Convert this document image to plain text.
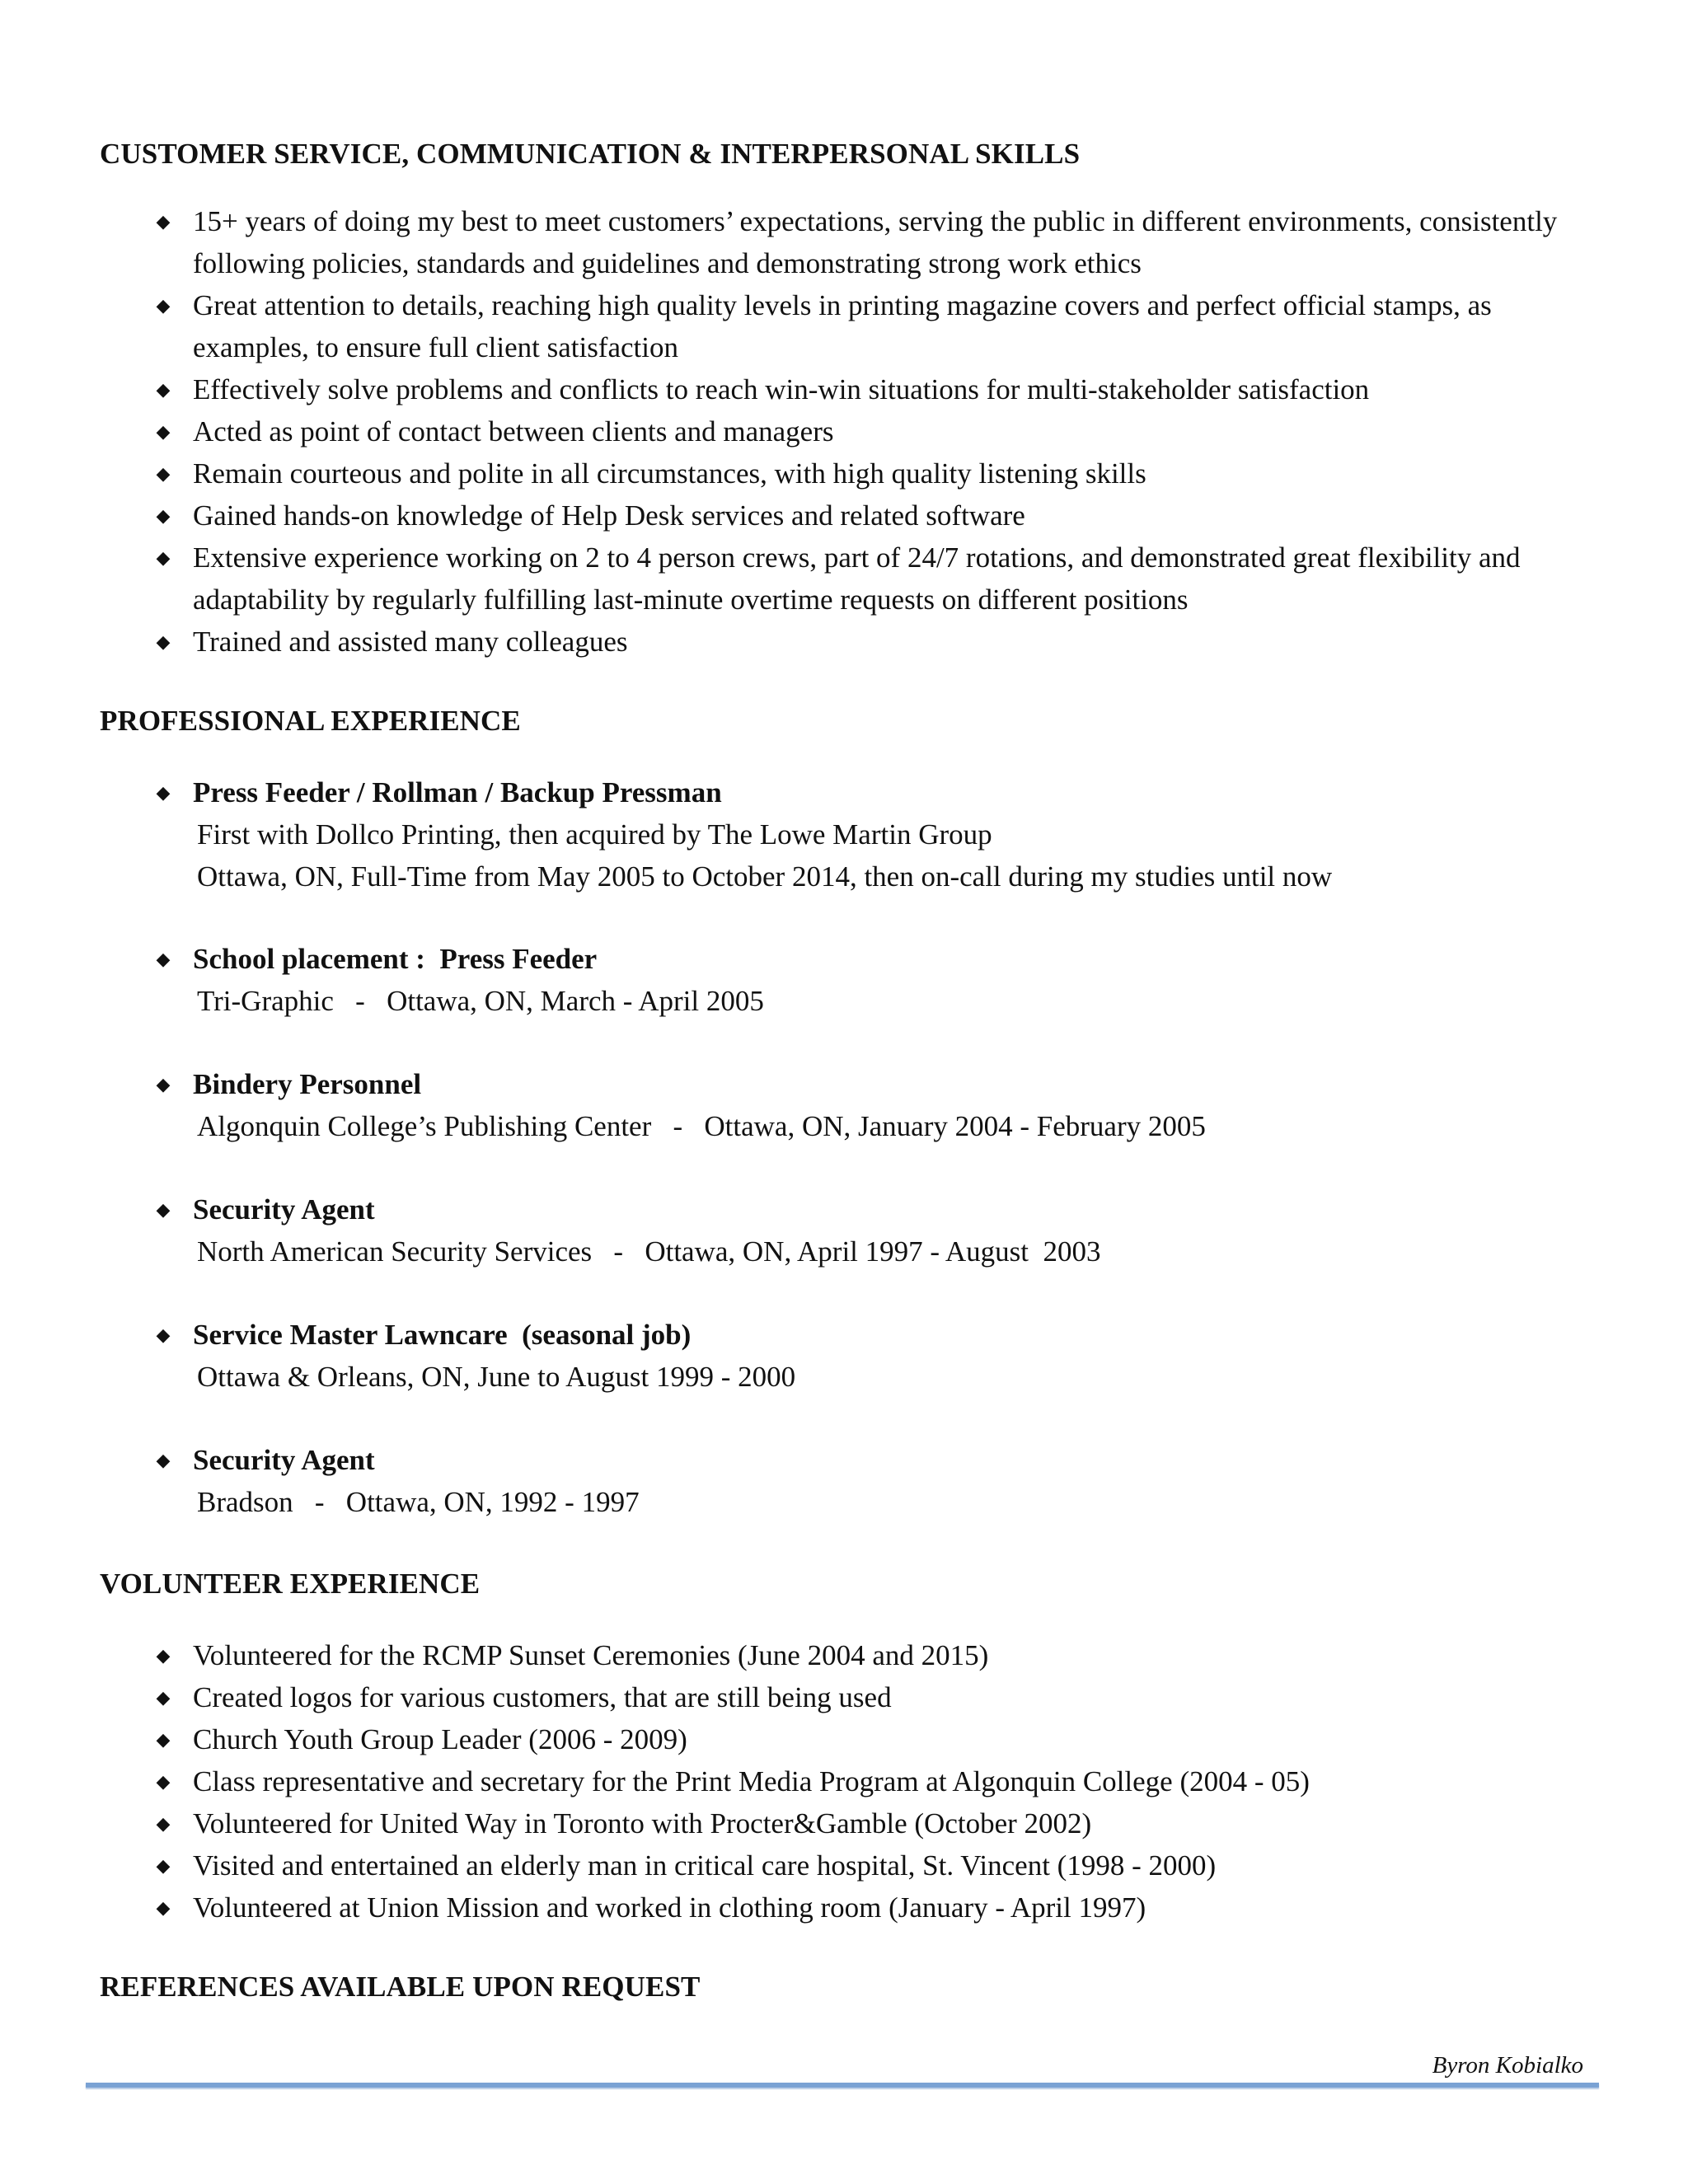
CUSTOMER SERVICE, COMMUNICATION & INTERPERSONAL SKILLS
◆ 15+ years of doing my best to meet customers’ expectations, serving the public in different environments, consistently following policies, standards and guidelines and demonstrating strong work ethics
◆ Great attention to details, reaching high quality levels in printing magazine covers and perfect official stamps, as examples, to ensure full client satisfaction
◆ Effectively solve problems and conflicts to reach win-win situations for multi-stakeholder satisfaction
◆ Acted as point of contact between clients and managers
◆ Remain courteous and polite in all circumstances, with high quality listening skills
◆ Gained hands-on knowledge of Help Desk services and related software
◆ Extensive experience working on 2 to 4 person crews, part of 24/7 rotations, and demonstrated great flexibility and adaptability by regularly fulfilling last-minute overtime requests on different positions
◆ Trained and assisted many colleagues
PROFESSIONAL EXPERIENCE
◆ Press Feeder / Rollman / Backup Pressman
First with Dollco Printing, then acquired by The Lowe Martin Group
Ottawa, ON, Full-Time from May 2005 to October 2014, then on-call during my studies until now
◆ School placement :  Press Feeder
Tri-Graphic   -   Ottawa, ON, March - April 2005
◆ Bindery Personnel
Algonquin College’s Publishing Center   -   Ottawa, ON, January 2004 - February 2005
◆ Security Agent
North American Security Services   -   Ottawa, ON, April 1997 - August  2003
◆ Service Master Lawncare  (seasonal job)
Ottawa & Orleans, ON, June to August 1999 - 2000
◆ Security Agent
Bradson   -   Ottawa, ON, 1992 - 1997
VOLUNTEER EXPERIENCE
◆ Volunteered for the RCMP Sunset Ceremonies (June 2004 and 2015)
◆ Created logos for various customers, that are still being used
◆ Church Youth Group Leader (2006 - 2009)
◆ Class representative and secretary for the Print Media Program at Algonquin College (2004 - 05)
◆ Volunteered for United Way in Toronto with Procter&Gamble (October 2002)
◆ Visited and entertained an elderly man in critical care hospital, St. Vincent (1998 - 2000)
◆ Volunteered at Union Mission and worked in clothing room (January - April 1997)
REFERENCES AVAILABLE UPON REQUEST
Byron Kobialko
